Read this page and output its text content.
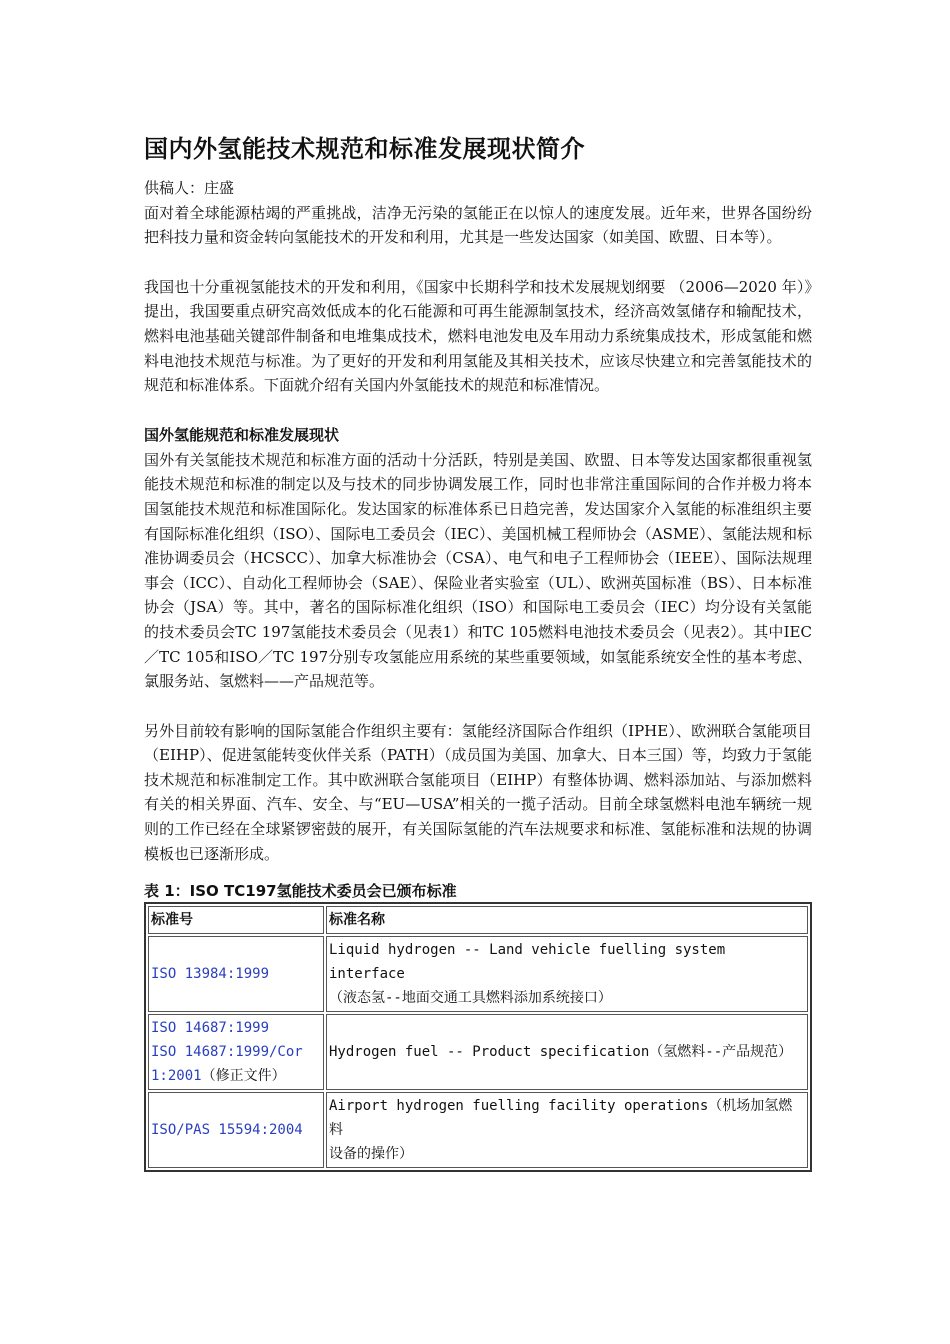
国内外氢能技术规范和标准发展现状简介

供稿人：庄盛

面对着全球能源枯竭的严重挑战，洁净无污染的氢能正在以惊人的速度发展。近年来，世界各国纷纷把科技力量和资金转向氢能技术的开发和利用，尤其是一些发达国家（如美国、欧盟、日本等）。

我国也十分重视氢能技术的开发和利用，《国家中长期科学和技术发展规划纲要 （2006—2020 年）》提出，我国要重点研究高效低成本的化石能源和可再生能源制氢技术，经济高效氢储存和输配技术，燃料电池基础关键部件制备和电堆集成技术，燃料电池发电及车用动力系统集成技术，形成氢能和燃料电池技术规范与标准。为了更好的开发和利用氢能及其相关技术，应该尽快建立和完善氢能技术的规范和标准体系。下面就介绍有关国内外氢能技术的规范和标准情况。

国外氢能规范和标准发展现状

国外有关氢能技术规范和标准方面的活动十分活跃，特别是美国、欧盟、日本等发达国家都很重视氢能技术规范和标准的制定以及与技术的同步协调发展工作，同时也非常注重国际间的合作并极力将本国氢能技术规范和标准国际化。发达国家的标准体系已日趋完善，发达国家介入氢能的标准组织主要有国际标准化组织（ISO）、国际电工委员会（IEC）、美国机械工程师协会（ASME）、氢能法规和标准协调委员会（HCSCC）、加拿大标准协会（CSA）、电气和电子工程师协会（IEEE）、国际法规理事会（ICC）、自动化工程师协会（SAE）、保险业者实验室（UL）、欧洲英国标准（BS）、日本标准协会（JSA）等。其中，著名的国际标准化组织（ISO）和国际电工委员会（IEC）均分设有关氢能的技术委员会TC 197氢能技术委员会（见表1）和TC 105燃料电池技术委员会（见表2）。其中IEC／TC 105和ISO／TC 197分别专攻氢能应用系统的某些重要领域，如氢能系统安全性的基本考虑、氯服务站、氢燃料——产品规范等。

另外目前较有影响的国际氢能合作组织主要有：氢能经济国际合作组织（IPHE）、欧洲联合氢能项目（EIHP）、促进氢能转变伙伴关系（PATH）（成员国为美国、加拿大、日本三国）等，均致力于氢能技术规范和标准制定工作。其中欧洲联合氢能项目（EIHP）有整体协调、燃料添加站、与添加燃料有关的相关界面、汽车、安全、与“EU—USA”相关的一揽子活动。目前全球氢燃料电池车辆统一规则的工作已经在全球紧锣密鼓的展开，有关国际氢能的汽车法规要求和标准、氢能标准和法规的协调模板也已逐渐形成。

表 1：ISO TC197氢能技术委员会已颁布标准
标准号	标准名称

ISO 13984:1999	Liquid hydrogen -- Land vehicle fuelling system interface
（液态氢--地面交通工具燃料添加系统接口）

ISO 14687:1999
ISO 14687:1999/Cor
1:2001（修正文件）	Hydrogen fuel -- Product specification（氢燃料--产品规范）

ISO/PAS 15594:2004	Airport hydrogen fuelling facility operations（机场加氢燃料
设备的操作）
